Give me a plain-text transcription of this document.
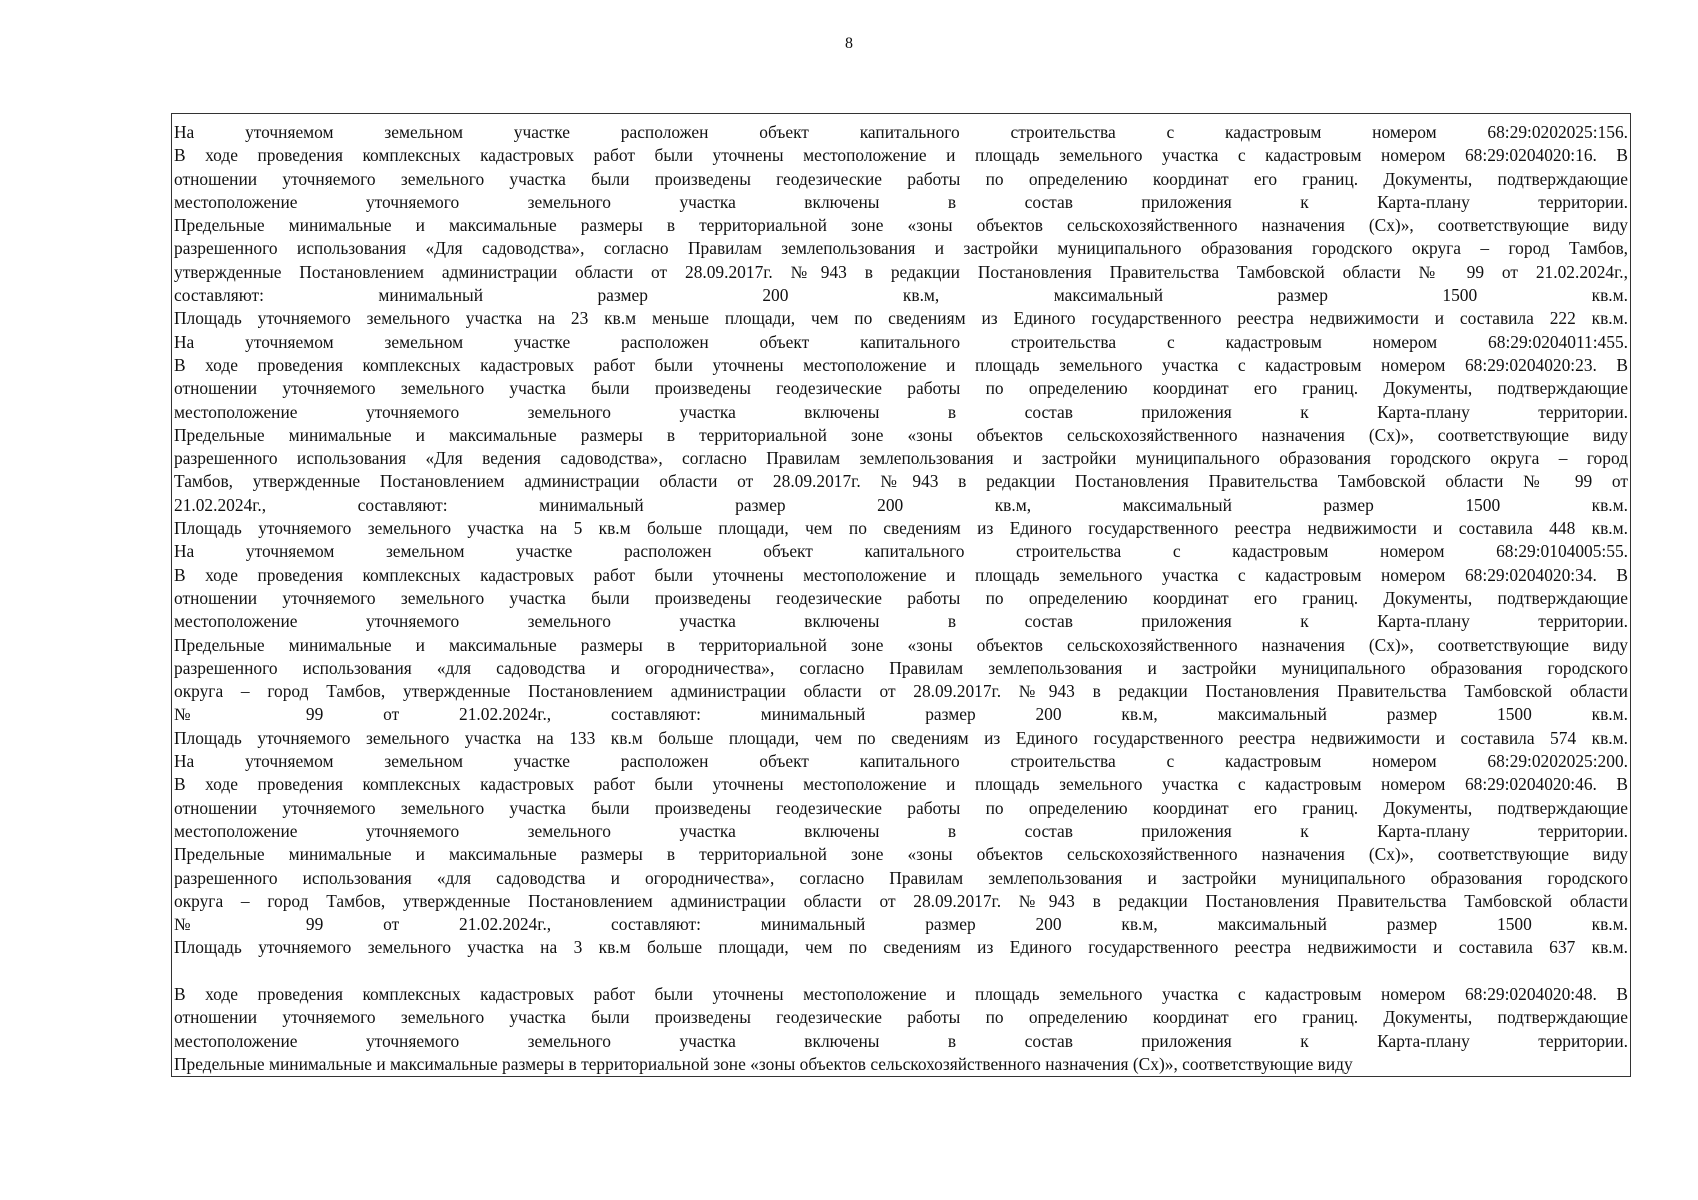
8
На уточняемом земельном участке расположен объект капитального строительства с кадастровым номером 68:29:0202025:156.
В ходе проведения комплексных кадастровых работ были уточнены местоположение и площадь земельного участка с кадастровым номером 68:29:0204020:16. В
отношении уточняемого земельного участка были произведены геодезические работы по определению координат его границ. Документы, подтверждающие
местоположение уточняемого земельного участка включены в состав приложения к Карта-плану территории.
Предельные минимальные и максимальные размеры в территориальной зоне «зоны объектов сельскохозяйственного назначения (Сх)», соответствующие виду
разрешенного использования «Для садоводства», согласно Правилам землепользования и застройки муниципального образования городского округа – город Тамбов,
утвержденные Постановлением администрации области от 28.09.2017г. №943 в редакции Постановления Правительства Тамбовской области № 99 от 21.02.2024г.,
составляют: минимальный размер 200 кв.м, максимальный размер 1500 кв.м.
Площадь уточняемого земельного участка на 23 кв.м меньше площади, чем по сведениям из Единого государственного реестра недвижимости и составила 222 кв.м.
На уточняемом земельном участке расположен объект капитального строительства с кадастровым номером 68:29:0204011:455.
В ходе проведения комплексных кадастровых работ были уточнены местоположение и площадь земельного участка с кадастровым номером 68:29:0204020:23. В
отношении уточняемого земельного участка были произведены геодезические работы по определению координат его границ. Документы, подтверждающие
местоположение уточняемого земельного участка включены в состав приложения к Карта-плану территории.
Предельные минимальные и максимальные размеры в территориальной зоне «зоны объектов сельскохозяйственного назначения (Сх)», соответствующие виду
разрешенного использования «Для ведения садоводства», согласно Правилам землепользования и застройки муниципального образования городского округа – город
Тамбов, утвержденные Постановлением администрации области от 28.09.2017г. №943 в редакции Постановления Правительства Тамбовской области № 99 от
21.02.2024г., составляют: минимальный размер 200 кв.м, максимальный размер 1500 кв.м.
Площадь уточняемого земельного участка на 5 кв.м больше площади, чем по сведениям из Единого государственного реестра недвижимости и составила 448 кв.м.
На уточняемом земельном участке расположен объект капитального строительства с кадастровым номером 68:29:0104005:55.
В ходе проведения комплексных кадастровых работ были уточнены местоположение и площадь земельного участка с кадастровым номером 68:29:0204020:34. В
отношении уточняемого земельного участка были произведены геодезические работы по определению координат его границ. Документы, подтверждающие
местоположение уточняемого земельного участка включены в состав приложения к Карта-плану территории.
Предельные минимальные и максимальные размеры в территориальной зоне «зоны объектов сельскохозяйственного назначения (Сх)», соответствующие виду
разрешенного использования «для садоводства и огородничества», согласно Правилам землепользования и застройки муниципального образования городского
округа – город Тамбов, утвержденные Постановлением администрации области от 28.09.2017г. №943 в редакции Постановления Правительства Тамбовской области
№ 99 от 21.02.2024г., составляют: минимальный размер 200 кв.м, максимальный размер 1500 кв.м.
Площадь уточняемого земельного участка на 133 кв.м больше площади, чем по сведениям из Единого государственного реестра недвижимости и составила 574 кв.м.
На уточняемом земельном участке расположен объект капитального строительства с кадастровым номером 68:29:0202025:200.
В ходе проведения комплексных кадастровых работ были уточнены местоположение и площадь земельного участка с кадастровым номером 68:29:0204020:46. В
отношении уточняемого земельного участка были произведены геодезические работы по определению координат его границ. Документы, подтверждающие
местоположение уточняемого земельного участка включены в состав приложения к Карта-плану территории.
Предельные минимальные и максимальные размеры в территориальной зоне «зоны объектов сельскохозяйственного назначения (Сх)», соответствующие виду
разрешенного использования «для садоводства и огородничества», согласно Правилам землепользования и застройки муниципального образования городского
округа – город Тамбов, утвержденные Постановлением администрации области от 28.09.2017г. №943 в редакции Постановления Правительства Тамбовской области
№ 99 от 21.02.2024г., составляют: минимальный размер 200 кв.м, максимальный размер 1500 кв.м.
Площадь уточняемого земельного участка на 3 кв.м больше площади, чем по сведениям из Единого государственного реестра недвижимости и составила 637 кв.м.
В ходе проведения комплексных кадастровых работ были уточнены местоположение и площадь земельного участка с кадастровым номером 68:29:0204020:48. В
отношении уточняемого земельного участка были произведены геодезические работы по определению координат его границ. Документы, подтверждающие
местоположение уточняемого земельного участка включены в состав приложения к Карта-плану территории.
Предельные минимальные и максимальные размеры в территориальной зоне «зоны объектов сельскохозяйственного назначения (Сх)», соответствующие виду
